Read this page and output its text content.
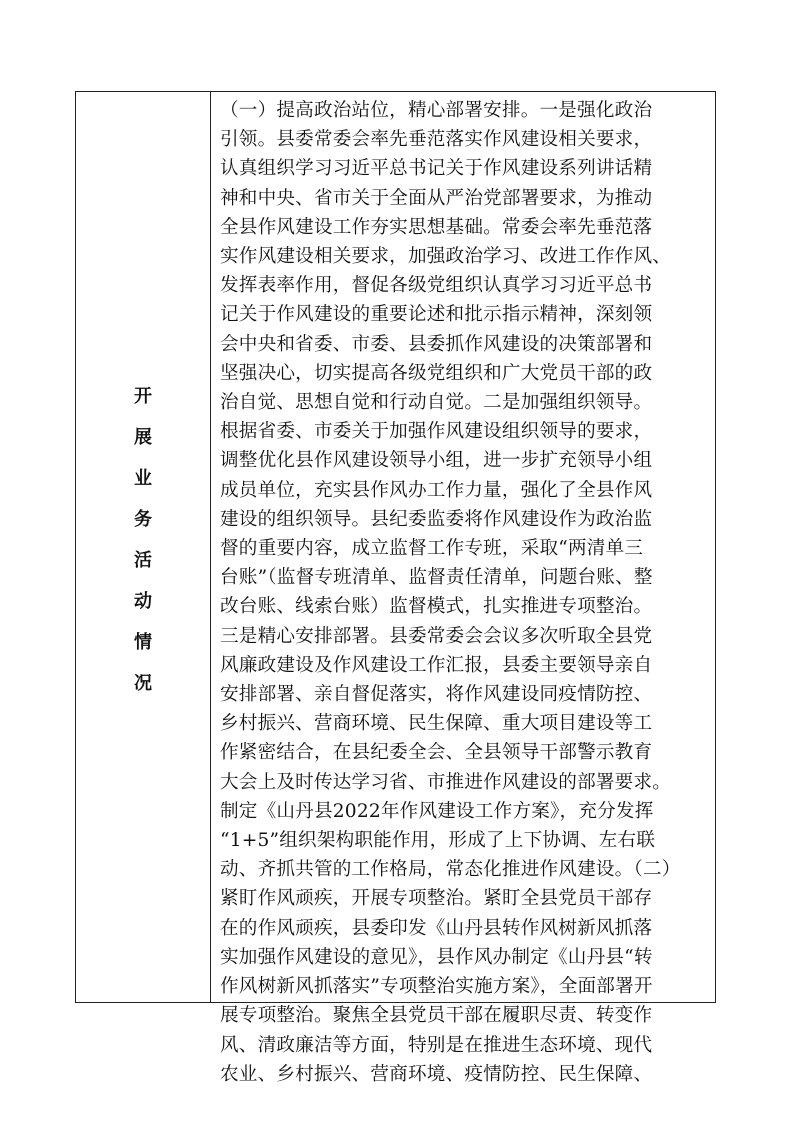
开
展
业
务
活
动
情
况
（一）提高政治站位，精心部署安排。一是强化政治
引领。县委常委会率先垂范落实作风建设相关要求，
认真组织学习习近平总书记关于作风建设系列讲话精
神和中央、省市关于全面从严治党部署要求，为推动
全县作风建设工作夯实思想基础。常委会率先垂范落
实作风建设相关要求，加强政治学习、改进工作作风、
发挥表率作用，督促各级党组织认真学习习近平总书
记关于作风建设的重要论述和批示指示精神，深刻领
会中央和省委、市委、县委抓作风建设的决策部署和
坚强决心，切实提高各级党组织和广大党员干部的政
治自觉、思想自觉和行动自觉。二是加强组织领导。
根据省委、市委关于加强作风建设组织领导的要求，
调整优化县作风建设领导小组，进一步扩充领导小组
成员单位，充实县作风办工作力量，强化了全县作风
建设的组织领导。县纪委监委将作风建设作为政治监
督的重要内容，成立监督工作专班，采取“两清单三
台账”（监督专班清单、监督责任清单，问题台账、整
改台账、线索台账）监督模式，扎实推进专项整治。
三是精心安排部署。县委常委会会议多次听取全县党
风廉政建设及作风建设工作汇报，县委主要领导亲自
安排部署、亲自督促落实，将作风建设同疫情防控、
乡村振兴、营商环境、民生保障、重大项目建设等工
作紧密结合，在县纪委全会、全县领导干部警示教育
大会上及时传达学习省、市推进作风建设的部署要求。
制定《山丹县2022年作风建设工作方案》，充分发挥
“1+5”组织架构职能作用，形成了上下协调、左右联
动、齐抓共管的工作格局，常态化推进作风建设。（二）
紧盯作风顽疾，开展专项整治。紧盯全县党员干部存
在的作风顽疾，县委印发《山丹县转作风树新风抓落
实加强作风建设的意见》，县作风办制定《山丹县“转
作风树新风抓落实”专项整治实施方案》，全面部署开
展专项整治。聚焦全县党员干部在履职尽责、转变作
风、清政廉洁等方面，特别是在推进生态环境、现代
农业、乡村振兴、营商环境、疫情防控、民生保障、
